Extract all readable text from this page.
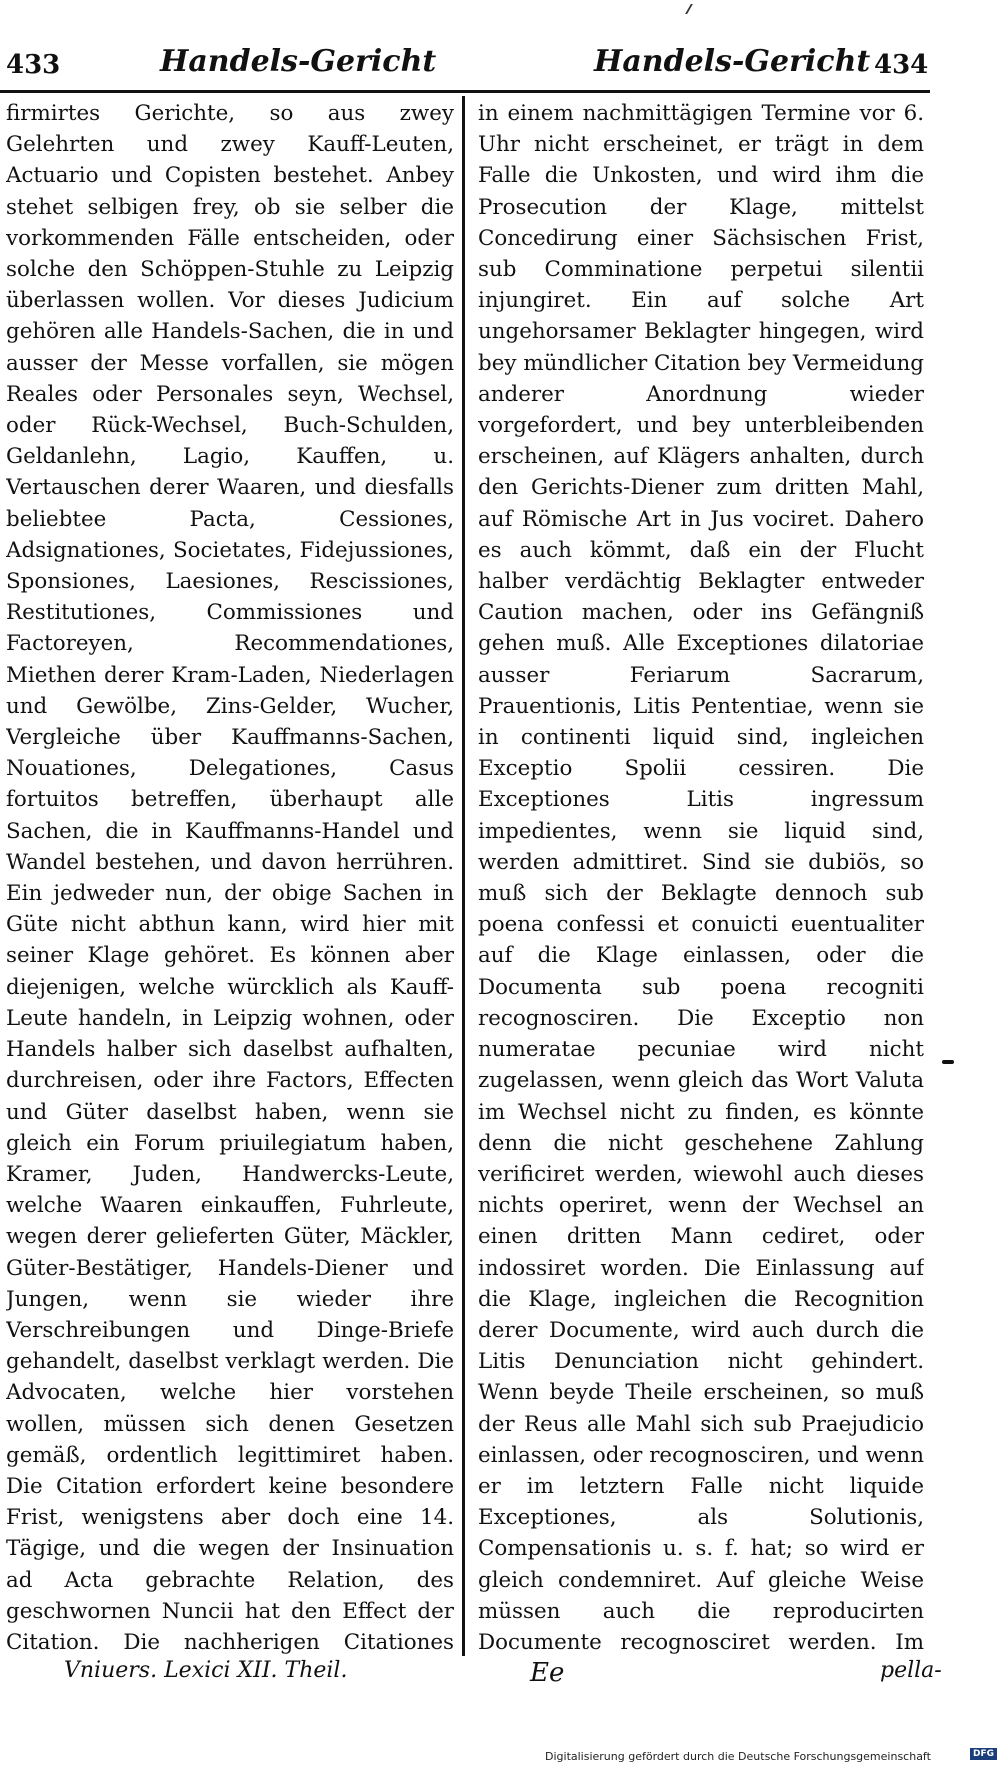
433	Handels-Gericht	Handels-Gericht 434
firmirtes Gerichte, so aus zwey Gelehrten und zwey Kauff-Leuten, Actuario und Copisten bestehet. Anbey stehet selbigen frey, ob sie selber die vorkommenden Fälle entscheiden, oder solche den Schöppen-Stuhle zu Leipzig überlassen wollen. Vor dieses Judicium gehören alle Handels-Sachen, die in und ausser der Messe vorfallen, sie mögen Reales oder Personales seyn, Wechsel, oder Rück-Wechsel, Buch-Schulden, Geldanlehn, Lagio, Kauffen, u. Vertauschen derer Waaren, und diesfalls beliebtee Pacta, Cessiones, Adsignationes, Societates, Fidejussiones, Sponsiones, Laesiones, Rescissiones, Restitutiones, Commissiones und Factoreyen, Recommendationes, Miethen derer Kram-Laden, Niederlagen und Gewölbe, Zins-Gelder, Wucher, Vergleiche über Kauffmanns-Sachen, Nouationes, Delegationes, Casus fortuitos betreffen, überhaupt alle Sachen, die in Kauffmanns-Handel und Wandel bestehen, und davon herrühren. Ein jedweder nun, der obige Sachen in Güte nicht abthun kann, wird hier mit seiner Klage gehöret. Es können aber diejenigen, welche würcklich als Kauff-Leute handeln, in Leipzig wohnen, oder Handels halber sich daselbst aufhalten, durchreisen, oder ihre Factors, Effecten und Güter daselbst haben, wenn sie gleich ein Forum priuilegiatum haben, Kramer, Juden, Handwercks-Leute, welche Waaren einkauffen, Fuhrleute, wegen derer gelieferten Güter, Mäckler, Güter-Bestätiger, Handels-Diener und Jungen, wenn sie wieder ihre Verschreibungen und Dinge-Briefe gehandelt, daselbst verklagt werden. Die Advocaten, welche hier vorstehen wollen, müssen sich denen Gesetzen gemäß, ordentlich legittimiret haben. Die Citation erfordert keine besondere Frist, wenigstens aber doch eine 14. Tägige, und die wegen der Insinuation ad Acta gebrachte Relation, des geschwornen Nuncii hat den Effect der Citation. Die nachherigen Citationes
in einem nachmittägigen Termine vor 6. Uhr nicht erscheinet, er trägt in dem Falle die Unkosten, und wird ihm die Prosecution der Klage, mittelst Concedirung einer Sächsischen Frist, sub Comminatione perpetui silentii injungiret. Ein auf solche Art ungehorsamer Beklagter hingegen, wird bey mündlicher Citation bey Vermeidung anderer Anordnung wieder vorgefordert, und bey unterbleibenden erscheinen, auf Klägers anhalten, durch den Gerichts-Diener zum dritten Mahl, auf Römische Art in Jus vociret. Dahero es auch kömmt, daß ein der Flucht halber verdächtig Beklagter entweder Caution machen, oder ins Gefängniß gehen muß. Alle Exceptiones dilatoriae ausser Feriarum Sacrarum, Prauentionis, Litis Pententiae, wenn sie in continenti liquid sind, ingleichen Exceptio Spolii cessiren. Die Exceptiones Litis ingressum impedientes, wenn sie liquid sind, werden admittiret. Sind sie dubiös, so muß sich der Beklagte dennoch sub poena confessi et conuicti euentualiter auf die Klage einlassen, oder die Documenta sub poena recogniti recognosciren. Die Exceptio non numeratae pecuniae wird nicht zugelassen, wenn gleich das Wort Valuta im Wechsel nicht zu finden, es könnte denn die nicht geschehene Zahlung verificiret werden, wiewohl auch dieses nichts operiret, wenn der Wechsel an einen dritten Mann cediret, oder indossiret worden. Die Einlassung auf die Klage, ingleichen die Recognition derer Documente, wird auch durch die Litis Denunciation nicht gehindert. Wenn beyde Theile erscheinen, so muß der Reus alle Mahl sich sub Praejudicio einlassen, oder recognosciren, und wenn er im letztern Falle nicht liquide Exceptiones, als Solutionis, Compensationis u. s. f. hat; so wird er gleich condemniret. Auf gleiche Weise müssen auch die reproducirten Documente recognosciret werden. Im
Vniuers. Lexici XII. Theil.	Ee	pella-
Digitalisierung gefördert durch die Deutsche Forschungsgemeinschaft	DFG
